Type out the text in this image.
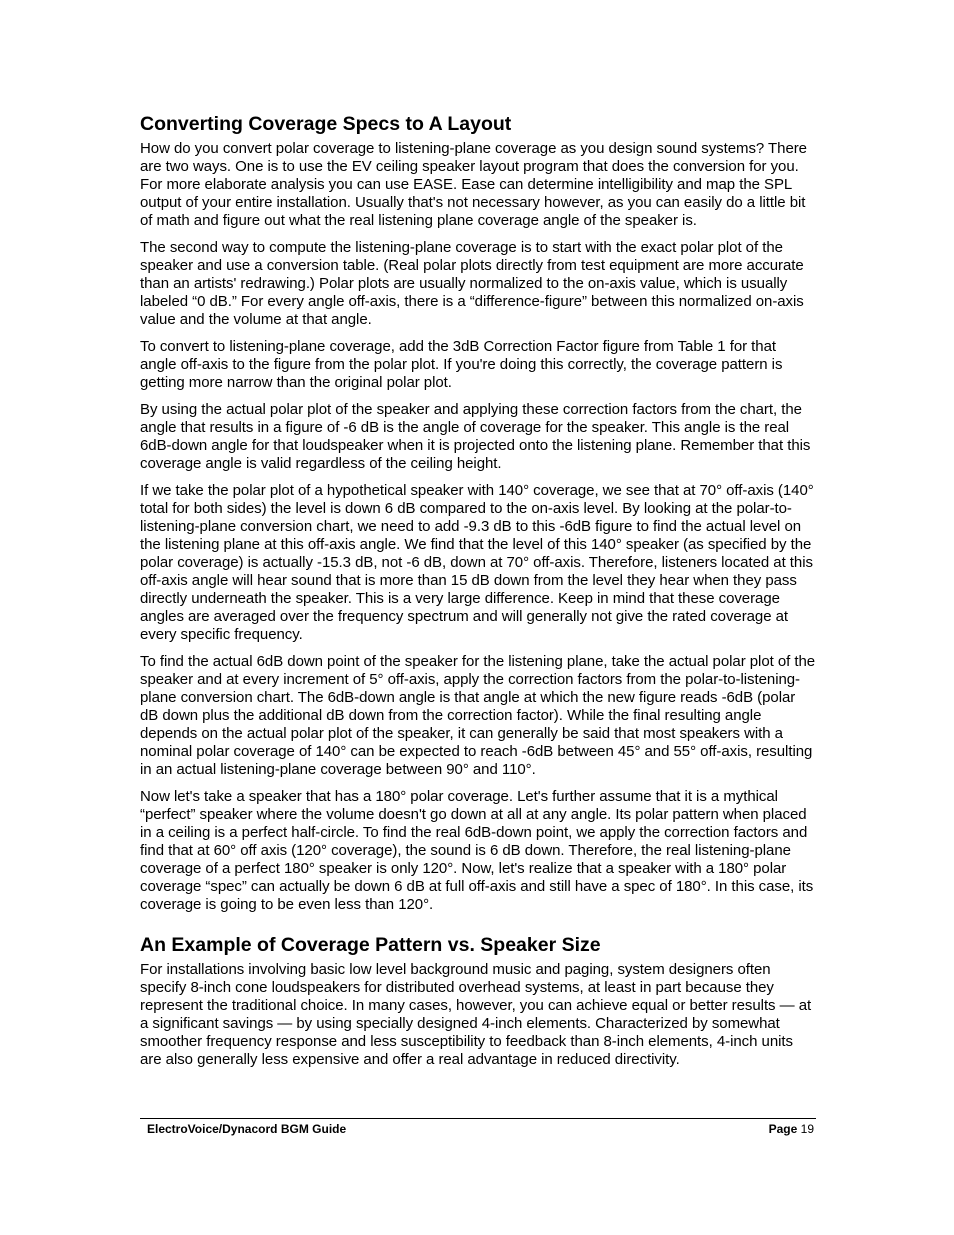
Converting Coverage Specs to A Layout

How do you convert polar coverage to listening-plane coverage as you design sound systems? There are two ways. One is to use the EV ceiling speaker layout program that does the conversion for you. For more elaborate analysis you can use EASE. Ease can determine intelligibility and map the SPL output of your entire installation. Usually that's not necessary however, as you can easily do a little bit of math and figure out what the real listening plane coverage angle of the speaker is.

The second way to compute the listening-plane coverage is to start with the exact polar plot of the speaker and use a conversion table. (Real polar plots directly from test equipment are more accurate than an artists' redrawing.) Polar plots are usually normalized to the on-axis value, which is usually labeled “0 dB.” For every angle off-axis, there is a “difference-figure” between this normalized on-axis value and the volume at that angle.

To convert to listening-plane coverage, add the 3dB Correction Factor figure from Table 1 for that angle off-axis to the figure from the polar plot. If you're doing this correctly, the coverage pattern is getting more narrow than the original polar plot.

By using the actual polar plot of the speaker and applying these correction factors from the chart, the angle that results in a figure of -6 dB is the angle of coverage for the speaker. This angle is the real 6dB-down angle for that loudspeaker when it is projected onto the listening plane. Remember that this coverage angle is valid regardless of the ceiling height.

If we take the polar plot of a hypothetical speaker with 140° coverage, we see that at 70° off-axis (140° total for both sides) the level is down 6 dB compared to the on-axis level. By looking at the polar-to-listening-plane conversion chart, we need to add -9.3 dB to this -6dB figure to find the actual level on the listening plane at this off-axis angle. We find that the level of this 140° speaker (as specified by the polar coverage) is actually -15.3 dB, not -6 dB, down at 70° off-axis. Therefore, listeners located at this off-axis angle will hear sound that is more than 15 dB down from the level they hear when they pass directly underneath the speaker. This is a very large difference. Keep in mind that these coverage angles are averaged over the frequency spectrum and will generally not give the rated coverage at every specific frequency.

To find the actual 6dB down point of the speaker for the listening plane, take the actual polar plot of the speaker and at every increment of 5° off-axis, apply the correction factors from the polar-to-listening-plane conversion chart. The 6dB-down angle is that angle at which the new figure reads -6dB (polar dB down plus the additional dB down from the correction factor). While the final resulting angle depends on the actual polar plot of the speaker, it can generally be said that most speakers with a nominal polar coverage of 140° can be expected to reach -6dB between 45° and 55° off-axis, resulting in an actual listening-plane coverage between 90° and 110°.

Now let's take a speaker that has a 180° polar coverage. Let's further assume that it is a mythical “perfect” speaker where the volume doesn't go down at all at any angle. Its polar pattern when placed in a ceiling is a perfect half-circle. To find the real 6dB-down point, we apply the correction factors and find that at 60° off axis (120° coverage), the sound is 6 dB down. Therefore, the real listening-plane coverage of a perfect 180° speaker is only 120°. Now, let's realize that a speaker with a 180° polar coverage “spec” can actually be down 6 dB at full off-axis and still have a spec of 180°. In this case, its coverage is going to be even less than 120°.

An Example of Coverage Pattern vs. Speaker Size

For installations involving basic low level background music and paging, system designers often specify 8-inch cone loudspeakers for distributed overhead systems, at least in part because they represent the traditional choice. In many cases, however, you can achieve equal or better results — at a significant savings — by using specially designed 4-inch elements. Characterized by somewhat smoother frequency response and less susceptibility to feedback than 8-inch elements, 4-inch units are also generally less expensive and offer a real advantage in reduced directivity.

ElectroVoice/Dynacord BGM Guide	Page 19
